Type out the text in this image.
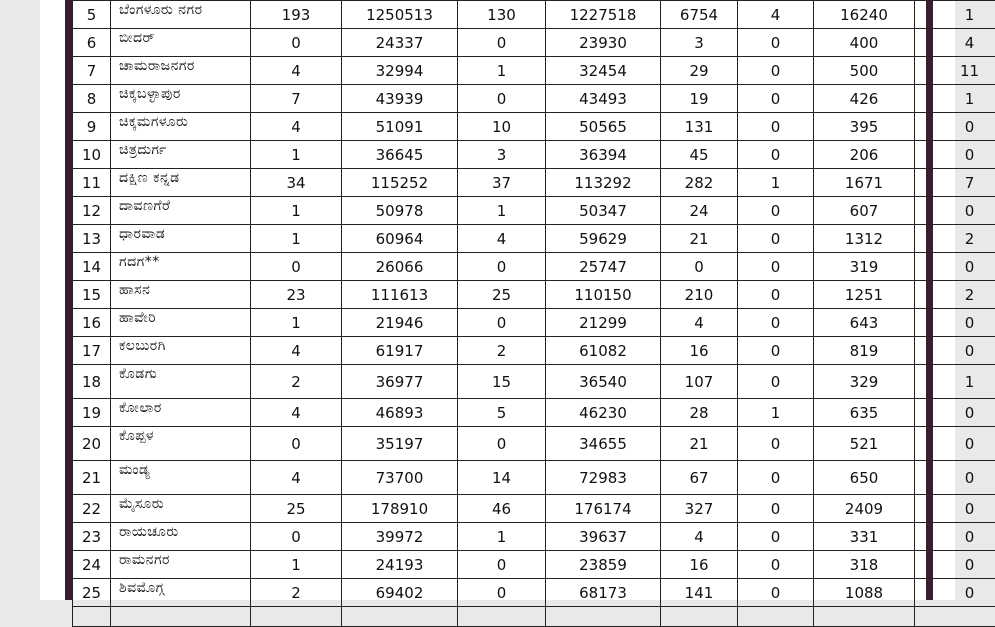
5	ಬೆಂಗಳೂರು ನಗರ	193	1250513	130	1227518	6754	4	16240	1
6	ಬೀದರ್	0	24337	0	23930	3	0	400	4
7	ಚಾಮರಾಜನಗರ	4	32994	1	32454	29	0	500	11
8	ಚಿಕ್ಕಬಳ್ಳಾಪುರ	7	43939	0	43493	19	0	426	1
9	ಚಿಕ್ಕಮಗಳೂರು	4	51091	10	50565	131	0	395	0
10	ಚಿತ್ರದುರ್ಗ	1	36645	3	36394	45	0	206	0
11	ದಕ್ಷಿಣ ಕನ್ನಡ	34	115252	37	113292	282	1	1671	7
12	ದಾವಣಗೆರೆ	1	50978	1	50347	24	0	607	0
13	ಧಾರವಾಡ	1	60964	4	59629	21	0	1312	2
14	ಗದಗ**	0	26066	0	25747	0	0	319	0
15	ಹಾಸನ	23	111613	25	110150	210	0	1251	2
16	ಹಾವೇರಿ	1	21946	0	21299	4	0	643	0
17	ಕಲಬುರಗಿ	4	61917	2	61082	16	0	819	0
18	ಕೊಡಗು	2	36977	15	36540	107	0	329	1
19	ಕೋಲಾರ	4	46893	5	46230	28	1	635	0
20	ಕೊಪ್ಪಳ	0	35197	0	34655	21	0	521	0
21	ಮಂಡ್ಯ	4	73700	14	72983	67	0	650	0
22	ಮೈಸೂರು	25	178910	46	176174	327	0	2409	0
23	ರಾಯಚೂರು	0	39972	1	39637	4	0	331	0
24	ರಾಮನಗರ	1	24193	0	23859	16	0	318	0
25	ಶಿವಮೊಗ್ಗ	2	69402	0	68173	141	0	1088	0
